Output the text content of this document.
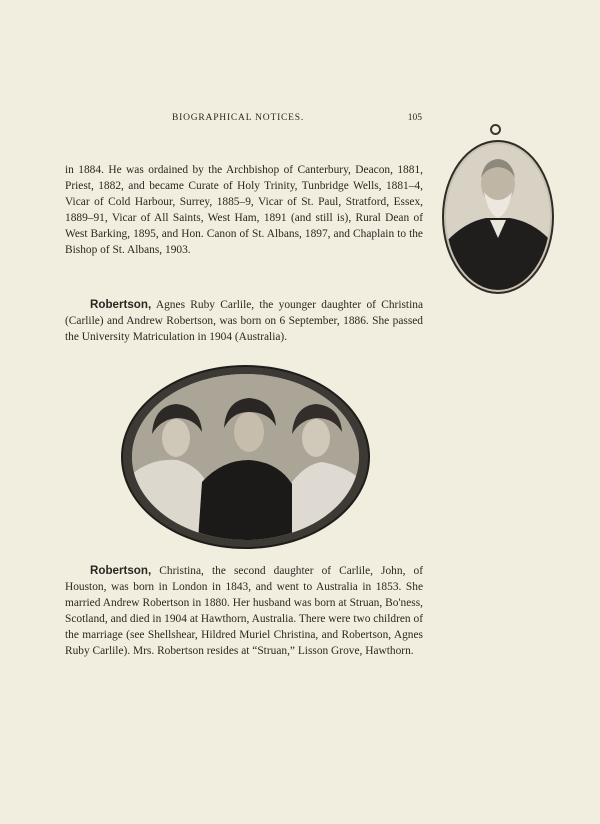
BIOGRAPHICAL NOTICES.	105
in 1884. He was ordained by the Archbishop of Canterbury, Deacon, 1881, Priest, 1882, and became Curate of Holy Trinity, Tunbridge Wells, 1881–4, Vicar of Cold Harbour, Surrey, 1885–9, Vicar of St. Paul, Stratford, Essex, 1889–91, Vicar of All Saints, West Ham, 1891 (and still is), Rural Dean of West Barking, 1895, and Hon. Canon of St. Albans, 1897, and Chaplain to the Bishop of St. Albans, 1903.
Robertson, Agnes Ruby Carlile, the younger daughter of Christina (Carlile) and Andrew Robertson, was born on 6 September, 1886. She passed the University Matriculation in 1904 (Australia).
Robertson, Christina, the second daughter of Carlile, John, of Houston, was born in London in 1843, and went to Australia in 1853. She married Andrew Robertson in 1880. Her husband was born at Struan, Bo'ness, Scotland, and died in 1904 at Hawthorn, Australia. There were two children of the marriage (see Shellshear, Hildred Muriel Christina, and Robertson, Agnes Ruby Carlile). Mrs. Robertson resides at “Struan,” Lisson Grove, Hawthorn.
